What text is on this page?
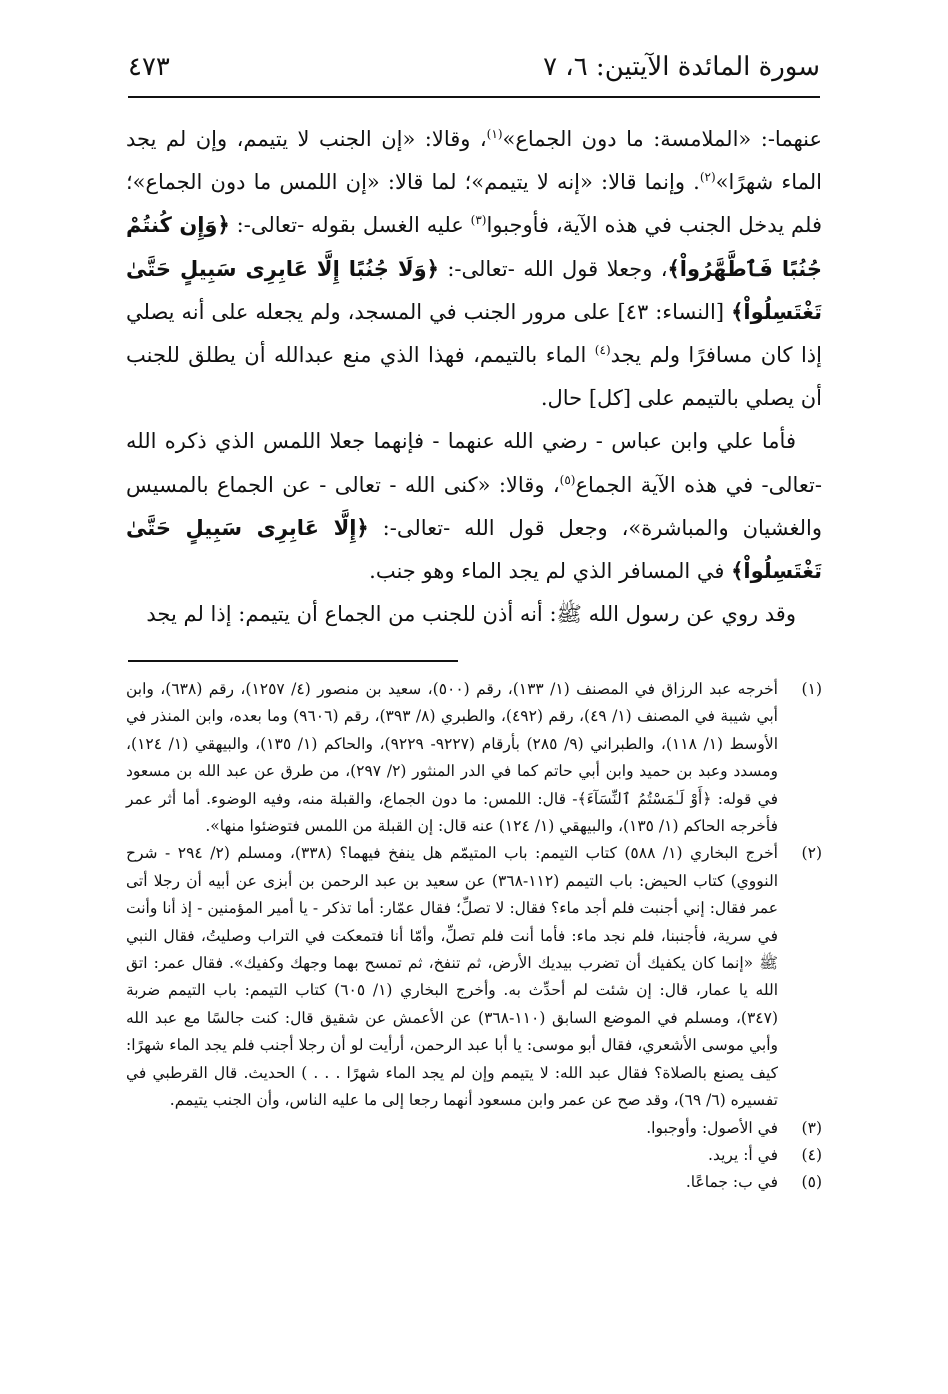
سورة المائدة الآيتين: ٦، ٧
٤٧٣

عنهما-: «الملامسة: ما دون الجماع»$^{(١)}$، وقالا: «إن الجنب لا يتيمم، وإن لم يجد الماء شهرًا»$^{(٢)}$. وإنما قالا: «إنه لا يتيمم»؛ لما قالا: «إن اللمس ما دون الجماع»؛ فلم يدخل الجنب في هذه الآية، فأوجبوا$^{(٣)}$ عليه الغسل بقوله -تعالى-: ﴿وَإِن كُنتُمْ جُنُبًا فَٱطَّهَّرُواْ﴾، وجعلا قول الله -تعالى-: ﴿وَلَا جُنُبًا إِلَّا عَابِرِى سَبِيلٍ حَتَّىٰ تَغْتَسِلُواْ﴾ [النساء: ٤٣] على مرور الجنب في المسجد، ولم يجعله على أنه يصلي إذا كان مسافرًا ولم يجد$^{(٤)}$ الماء بالتيمم، فهذا الذي منع عبدالله أن يطلق للجنب أن يصلي بالتيمم على [كل] حال.

فأما علي وابن عباس - رضي الله عنهما - فإنهما جعلا اللمس الذي ذكره الله -تعالى- في هذه الآية الجماع$^{(٥)}$، وقالا: «كنى الله - تعالى - عن الجماع بالمسيس والغشيان والمباشرة»، وجعل قول الله -تعالى-: ﴿إِلَّا عَابِرِى سَبِيلٍ حَتَّىٰ تَغْتَسِلُواْ﴾ في المسافر الذي لم يجد الماء وهو جنب.

وقد روي عن رسول الله ﷺ: أنه أذن للجنب من الجماع أن يتيمم: إذا لم يجد

(١)
أخرجه عبد الرزاق في المصنف (١/ ١٣٣)، رقم (٥٠٠)، سعيد بن منصور (٤/ ١٢٥٧)، رقم (٦٣٨)، وابن أبي شيبة في المصنف (١/ ٤٩)، رقم (٤٩٢)، والطبري (٨/ ٣٩٣)، رقم (٩٦٠٦) وما بعده، وابن المنذر في الأوسط (١/ ١١٨)، والطبراني (٩/ ٢٨٥) بأرقام (٩٢٢٧- ٩٢٢٩)، والحاكم (١/ ١٣٥)، والبيهقي (١/ ١٢٤)، ومسدد وعبد بن حميد وابن أبي حاتم كما في الدر المنثور (٢/ ٢٩٧)، من طرق عن عبد الله بن مسعود في قوله: ﴿أَوْ لَـٰمَسْتُمُ ٱلنِّسَآءَ﴾- قال: اللمس: ما دون الجماع، والقبلة منه، وفيه الوضوء. أما أثر عمر فأخرجه الحاكم (١/ ١٣٥)، والبيهقي (١/ ١٢٤) عنه قال: إن القبلة من اللمس فتوضئوا منها».
(٢)
أخرج البخاري (١/ ٥٨٨) كتاب التيمم: باب المتيمّم هل ينفخ فيهما؟ (٣٣٨)، ومسلم (٢/ ٢٩٤ - شرح النووي) كتاب الحيض: باب التيمم (١١٢-٣٦٨) عن سعيد بن عبد الرحمن بن أبزى عن أبيه أن رجلا أتى عمر فقال: إني أجنبت فلم أجد ماء؟ فقال: لا تصلِّ؛ فقال عمّار: أما تذكر - يا أمير المؤمنين - إذ أنا وأنت في سرية، فأجنبنا، فلم نجد ماء: فأما أنت فلم تصلِّ، وأمّا أنا فتمعكت في التراب وصليتُ، فقال النبي ﷺ «إنما كان يكفيك أن تضرب بيديك الأرض، ثم تنفخ، ثم تمسح بهما وجهك وكفيك». فقال عمر: اتق الله يا عمار، قال: إن شئت لم أحدِّث به. وأخرج البخاري (١/ ٦٠٥) كتاب التيمم: باب التيمم ضربة (٣٤٧)، ومسلم في الموضع السابق (١١٠-٣٦٨) عن الأعمش عن شقيق قال: كنت جالسًا مع عبد الله وأبي موسى الأشعري، فقال أبو موسى: يا أبا عبد الرحمن، أرأيت لو أن رجلا أجنب فلم يجد الماء شهرًا: كيف يصنع بالصلاة؟ فقال عبد الله: لا يتيمم وإن لم يجد الماء شهرًا . . . ) الحديث. قال القرطبي في تفسيره (٦/ ٦٩)، وقد صح عن عمر وابن مسعود أنهما رجعا إلى ما عليه الناس، وأن الجنب يتيمم.
(٣)
في الأصول: وأوجبوا.
(٤)
في أ: يريد.
(٥)
في ب: جماعًا.
